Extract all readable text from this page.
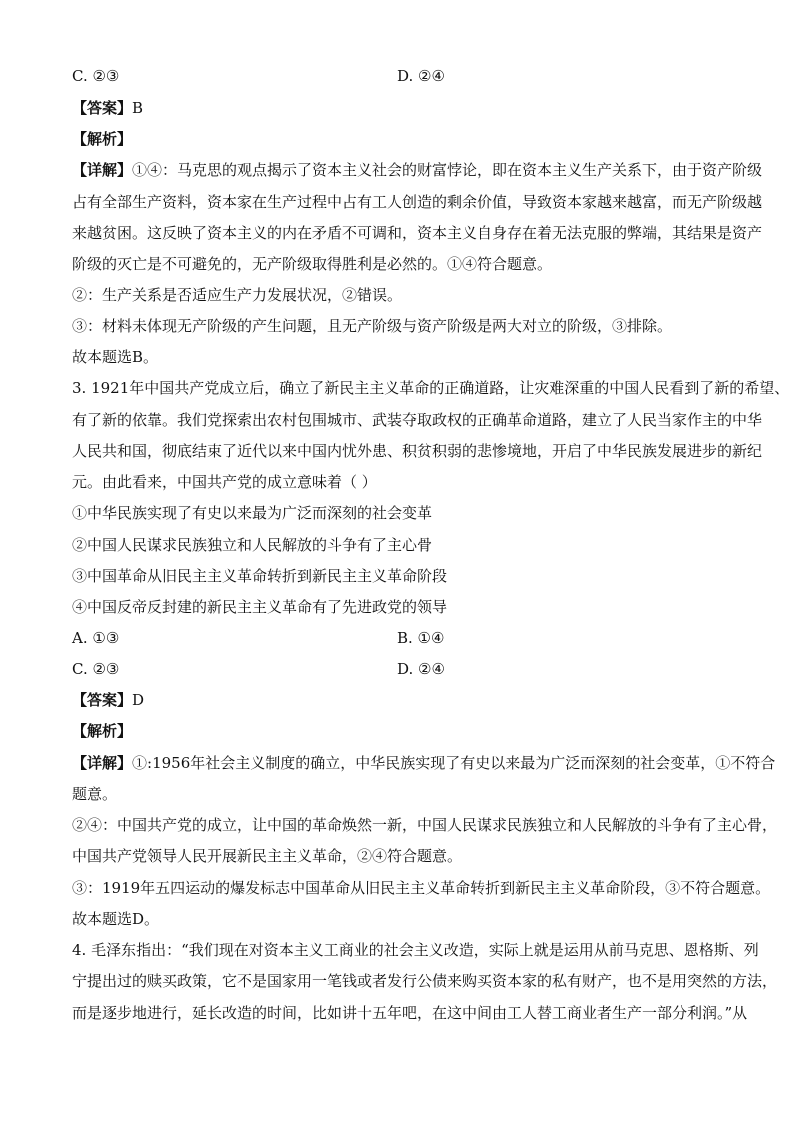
C. ②③	D. ②④
【答案】B
【解析】
【详解】①④：马克思的观点揭示了资本主义社会的财富悖论，即在资本主义生产关系下，由于资产阶级
占有全部生产资料，资本家在生产过程中占有工人创造的剩余价值，导致资本家越来越富，而无产阶级越
来越贫困。这反映了资本主义的内在矛盾不可调和，资本主义自身存在着无法克服的弊端，其结果是资产
阶级的灭亡是不可避免的，无产阶级取得胜利是必然的。①④符合题意。
②：生产关系是否适应生产力发展状况，②错误。
③：材料未体现无产阶级的产生问题，且无产阶级与资产阶级是两大对立的阶级，③排除。
故本题选B。
3. 1921年中国共产党成立后，确立了新民主主义革命的正确道路，让灾难深重的中国人民看到了新的希望、
有了新的依靠。我们党探索出农村包围城市、武装夺取政权的正确革命道路，建立了人民当家作主的中华
人民共和国，彻底结束了近代以来中国内忧外患、积贫积弱的悲惨境地，开启了中华民族发展进步的新纪
元。由此看来，中国共产党的成立意味着（ ）
①中华民族实现了有史以来最为广泛而深刻的社会变革
②中国人民谋求民族独立和人民解放的斗争有了主心骨
③中国革命从旧民主主义革命转折到新民主主义革命阶段
④中国反帝反封建的新民主主义革命有了先进政党的领导
A. ①③	B. ①④
C. ②③	D. ②④
【答案】D
【解析】
【详解】①:1956年社会主义制度的确立，中华民族实现了有史以来最为广泛而深刻的社会变革，①不符合
题意。
②④：中国共产党的成立，让中国的革命焕然一新，中国人民谋求民族独立和人民解放的斗争有了主心骨，
中国共产党领导人民开展新民主主义革命，②④符合题意。
③：1919年五四运动的爆发标志中国革命从旧民主主义革命转折到新民主主义革命阶段，③不符合题意。
故本题选D。
4. 毛泽东指出：“我们现在对资本主义工商业的社会主义改造，实际上就是运用从前马克思、恩格斯、列
宁提出过的赎买政策，它不是国家用一笔钱或者发行公债来购买资本家的私有财产，也不是用突然的方法，
而是逐步地进行，延长改造的时间，比如讲十五年吧，在这中间由工人替工商业者生产一部分利润。”从
